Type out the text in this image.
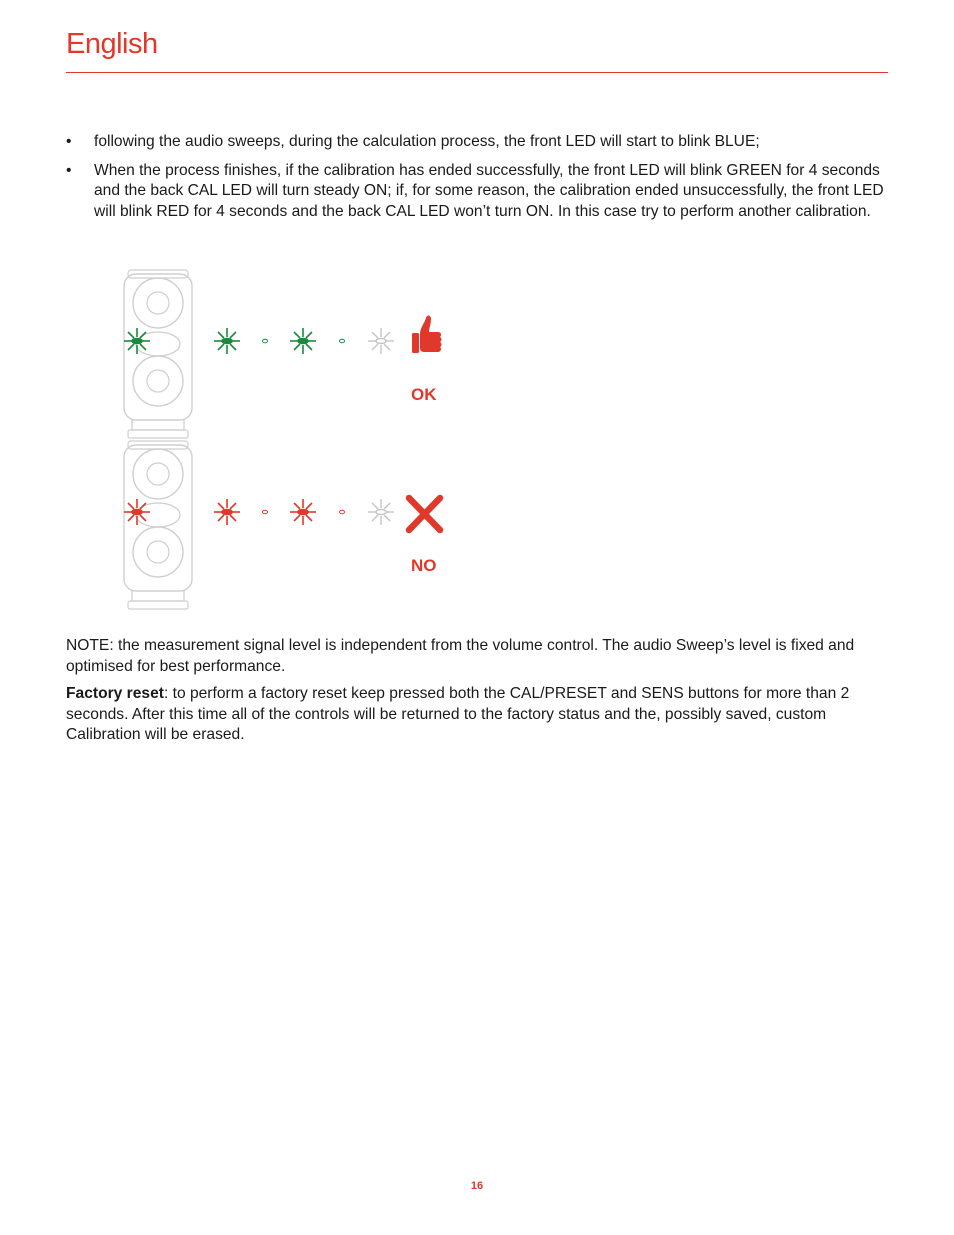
English
• following the audio sweeps, during the calculation process, the front LED will start to blink BLUE;
• When the process finishes, if the calibration has ended successfully, the front LED will blink GREEN for 4 seconds and the back CAL LED will turn steady ON; if, for some reason, the calibration ended unsuccessfully, the front LED will blink RED for 4 seconds and the back CAL LED won’t turn ON. In this case try to perform another calibration.
OK
NO

NOTE: the measurement signal level is independent from the volume control. The audio Sweep’s level is fixed and optimised for best performance.

Factory reset: to perform a factory reset keep pressed both the CAL/PRESET and SENS buttons for more than 2 seconds. After this time all of the controls will be returned to the factory status and the, possibly saved, custom Calibration will be erased.

16
